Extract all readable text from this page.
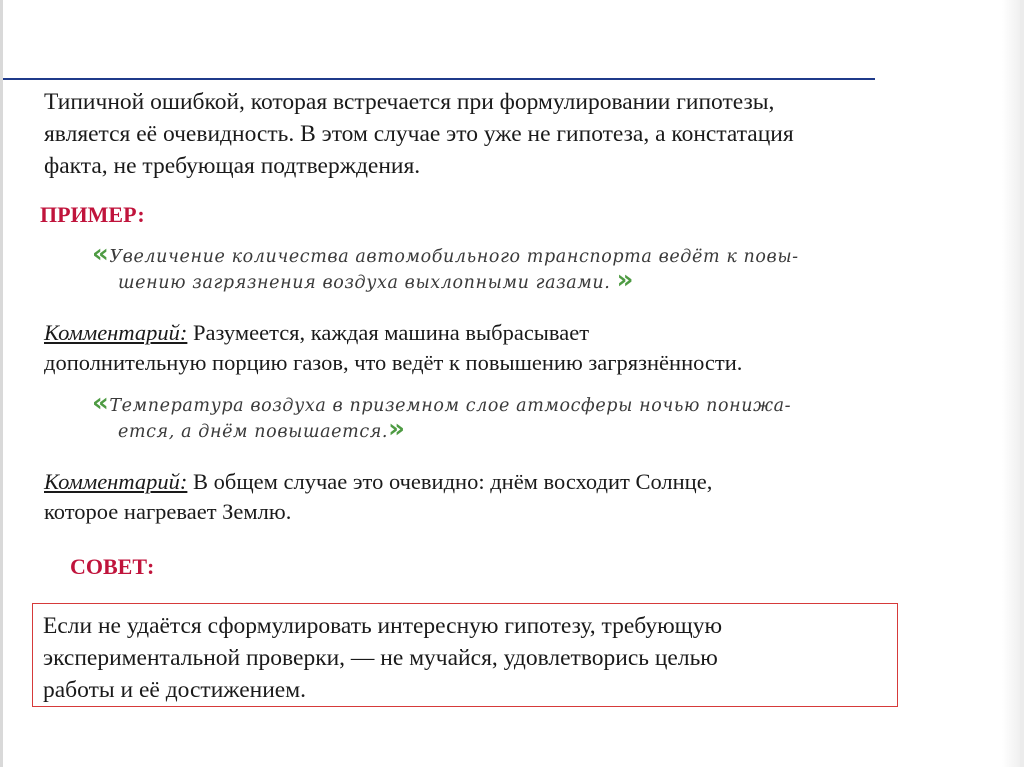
Типичной ошибкой, которая встречается при формулировании гипотезы,
является её очевидность. В этом случае это уже не гипотеза, а констатация
факта, не требующая подтверждения.
ПРИМЕР:
«Увеличение количества автомобильного транспорта ведёт к повы-
шению загрязнения воздуха выхлопными газами. »
Комментарий: Разумеется, каждая машина выбрасывает
дополнительную порцию газов, что ведёт к повышению загрязнённости.
«Температура воздуха в приземном слое атмосферы ночью понижа-
ется, а днём повышается.»
Комментарий: В общем случае это очевидно: днём восходит Солнце,
которое нагревает Землю.
СОВЕТ:
Если не удаётся сформулировать интересную гипотезу, требующую
экспериментальной проверки, — не мучайся, удовлетворись целью
работы и её достижением.
